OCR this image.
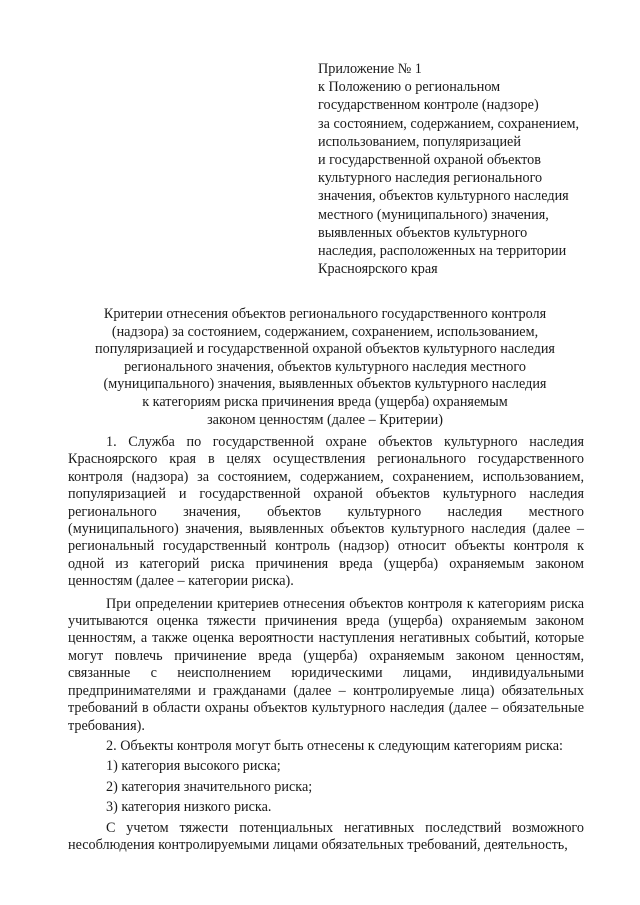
Приложение № 1
к Положению о региональном
государственном контроле (надзоре)
за состоянием, содержанием, сохранением,
использованием, популяризацией
и государственной охраной объектов
культурного наследия регионального
значения, объектов культурного наследия
местного (муниципального) значения,
выявленных объектов культурного
наследия, расположенных на территории
Красноярского края
Критерии отнесения объектов регионального государственного контроля
(надзора) за состоянием, содержанием, сохранением, использованием,
популяризацией и государственной охраной объектов культурного наследия
регионального значения, объектов культурного наследия местного
(муниципального) значения, выявленных объектов культурного наследия
к категориям риска причинения вреда (ущерба) охраняемым
законом ценностям (далее – Критерии)

1. Служба по государственной охране объектов культурного наследия Красноярского края в целях осуществления регионального государственного контроля (надзора) за состоянием, содержанием, сохранением, использованием, популяризацией и государственной охраной объектов культурного наследия регионального значения, объектов культурного наследия местного (муниципального) значения, выявленных объектов культурного наследия (далее – региональный государственный контроль (надзор) относит объекты контроля к одной из категорий риска причинения вреда (ущерба) охраняемым законом ценностям (далее – категории риска).

При определении критериев отнесения объектов контроля к категориям риска учитываются оценка тяжести причинения вреда (ущерба) охраняемым законом ценностям, а также оценка вероятности наступления негативных событий, которые могут повлечь причинение вреда (ущерба) охраняемым законом ценностям, связанные с неисполнением юридическими лицами, индивидуальными предпринимателями и гражданами (далее – контролируемые лица) обязательных требований в области охраны объектов культурного наследия (далее – обязательные требования).

2. Объекты контроля могут быть отнесены к следующим категориям риска:

1) категория высокого риска;

2) категория значительного риска;

3) категория низкого риска.

С учетом тяжести потенциальных негативных последствий возможного несоблюдения контролируемыми лицами обязательных требований, деятельность,
